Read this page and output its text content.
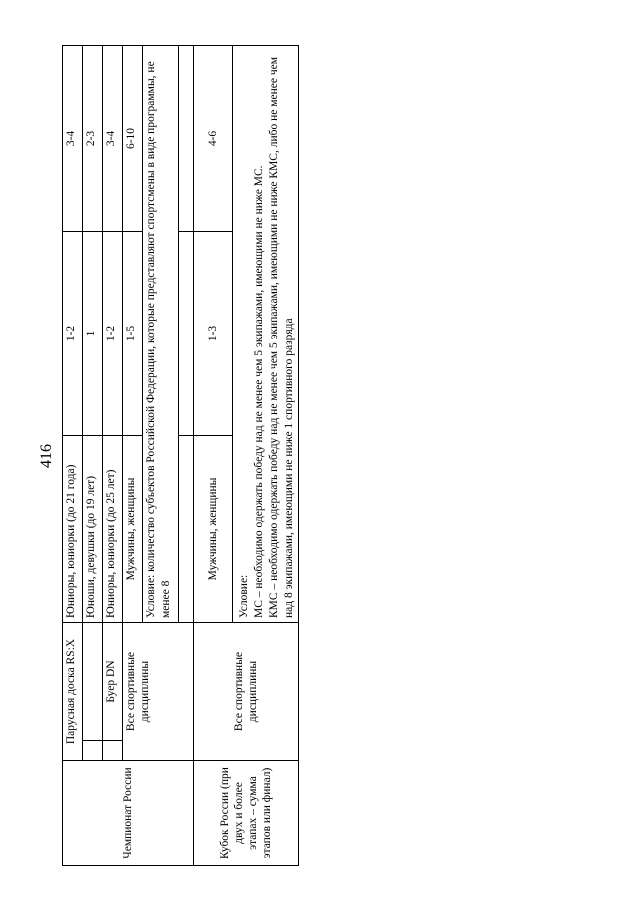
416
Чемпионат России	Парусная доска RS:X		Юниоры, юниорки (до 21 года)	1-2	3-4
			Юноши, девушки (до 19 лет)	1	2-3
		Буер DN	Юниоры, юниорки (до 25 лет)	1-2	3-4
	Все спортивные дисциплины		Мужчины, женщины	1-5	6-10
			Условие: количество субъектов Российской Федерации, которые представляют спортсмены в виде программы, не менее 8		

Кубок России (при двух и более этапах – сумма этапов или финал)	Все спортивные дисциплины		Мужчины, женщины	1-3	4-6

			Условие: МС – необходимо одержать победу над не менее чем 5 экипажами, имеющими не ниже МС. КМС – необходимо одержать победу над не менее чем 5 экипажами, имеющими не ниже КМС, либо не менее чем над 8 экипажами, имеющими не ниже 1 спортивного разряда		
